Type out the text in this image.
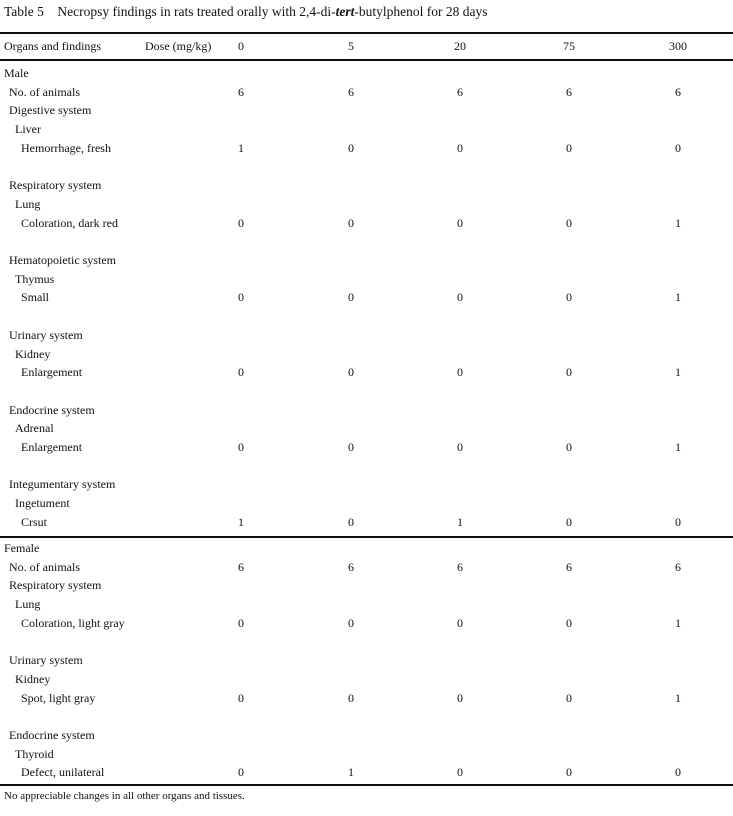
Table 5 Necropsy findings in rats treated orally with 2,4-di-tert-butylphenol for 28 days
Organs and findings	Dose (mg/kg)	0	5	20	75	300
Male
No. of animals	6	6	6	6	6
Digestive system
Liver
Hemorrhage, fresh	1	0	0	0	0
Respiratory system
Lung
Coloration, dark red	0	0	0	0	1
Hematopoietic system
Thymus
Small	0	0	0	0	1
Urinary system
Kidney
Enlargement	0	0	0	0	1
Endocrine system
Adrenal
Enlargement	0	0	0	0	1
Integumentary system
Ingetument
Crsut	1	0	1	0	0
Female
No. of animals	6	6	6	6	6
Respiratory system
Lung
Coloration, light gray	0	0	0	0	1
Urinary system
Kidney
Spot, light gray	0	0	0	0	1
Endocrine system
Thyroid
Defect, unilateral	0	1	0	0	0
No appreciable changes in all other organs and tissues.
